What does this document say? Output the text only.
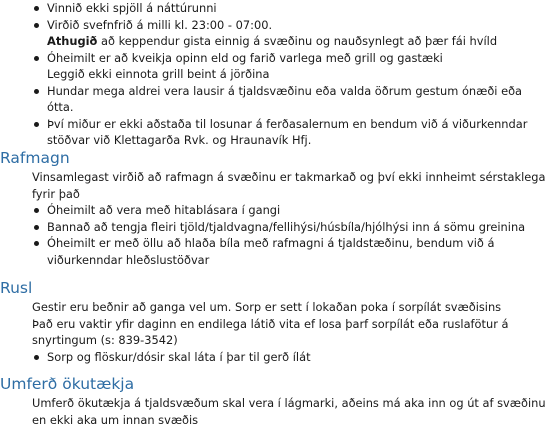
Vinnið ekki spjöll á náttúrunni
Virðið svefnfrið á milli kl. 23:00 - 07:00.
Athugið að keppendur gista einnig á svæðinu og nauðsynlegt að þær fái hvíld
Óheimilt er að kveikja opinn eld og farið varlega með grill og gastæki
Leggið ekki einnota grill beint á jörðina
Hundar mega aldrei vera lausir á tjaldsvæðinu eða valda öðrum gestum ónæði eða ótta.
Því miður er ekki aðstaða til losunar á ferðasalernum en bendum við á viðurkenndar stöðvar við Klettagarða Rvk. og Hraunavík Hfj.
Rafmagn

Vinsamlegast virðið að rafmagn á svæðinu er takmarkað og því ekki innheimt sérstaklega fyrir það

Óheimilt að vera með hitablásara í gangi
Bannað að tengja fleiri tjöld/tjaldvagna/fellihýsi/húsbíla/hjólhýsi inn á sömu greinina
Óheimilt er með öllu að hlaða bíla með rafmagni á tjaldstæðinu, bendum við á viðurkenndar hleðslustöðvar
Rusl

Gestir eru beðnir að ganga vel um. Sorp er sett í lokaðan poka í sorpílát svæðisins

Það eru vaktir yfir daginn en endilega látið vita ef losa þarf sorpílát eða ruslafötur á snyrtingum (s: 839-3542)

Sorp og flöskur/dósir skal láta í þar til gerð ílát
Umferð ökutækja

Umferð ökutækja á tjaldsvæðum skal vera í lágmarki, aðeins má aka inn og út af svæðinu en ekki aka um innan svæðis
